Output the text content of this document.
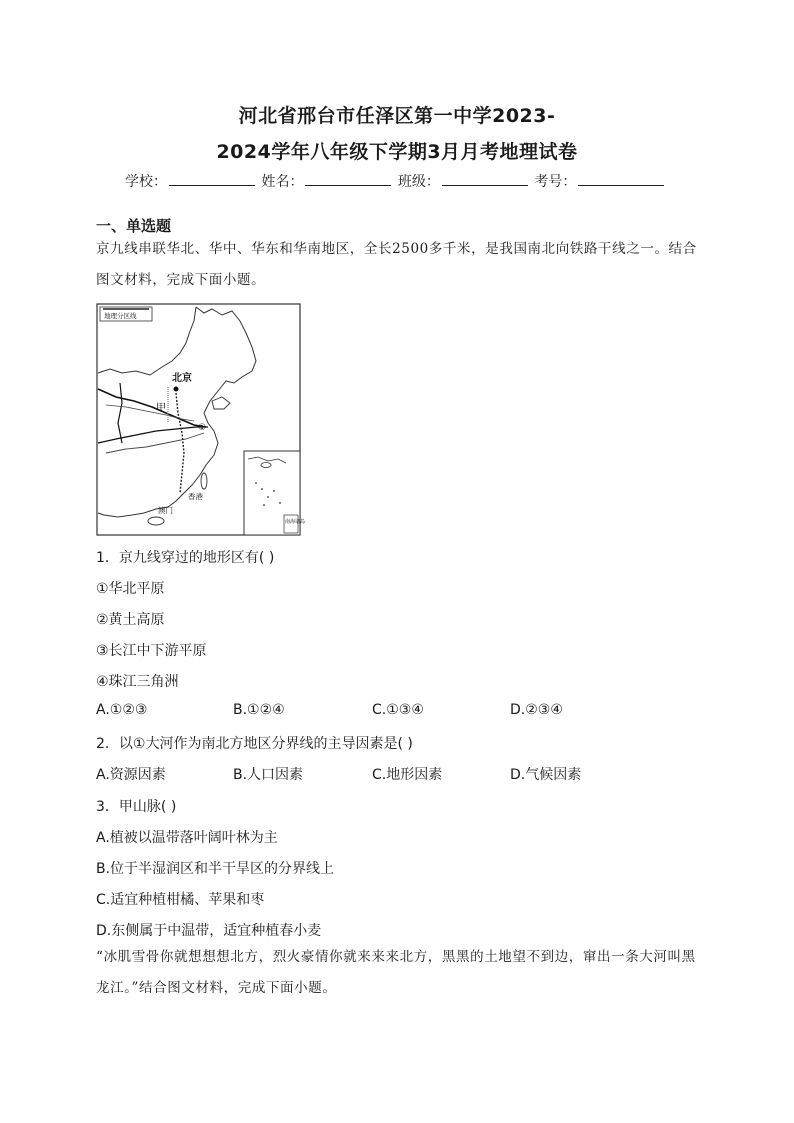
河北省邢台市任泽区第一中学2023-
2024学年八年级下学期3月月考地理试卷
学校：	姓名：	班级：	考号：
一、单选题
京九线串联华北、华中、华东和华南地区，全长2500多千米，是我国南北向铁路干线之一。结合图文材料，完成下面小题。
地理分区线
北京
甲
①
香港
澳门
南海诸岛
1．京九线穿过的地形区有( )
①华北平原
②黄土高原
③长江中下游平原
④珠江三角洲
A.①②③	B.①②④	C.①③④	D.②③④
2．以①大河作为南北方地区分界线的主导因素是( )
A.资源因素	B.人口因素	C.地形因素	D.气候因素
3．甲山脉( )
A.植被以温带落叶阔叶林为主
B.位于半湿润区和半干旱区的分界线上
C.适宜种植柑橘、苹果和枣
D.东侧属于中温带，适宜种植春小麦
“冰肌雪骨你就想想想北方，烈火豪情你就来来来北方，黑黑的土地望不到边，窜出一条大河叫黑龙江。”结合图文材料，完成下面小题。
